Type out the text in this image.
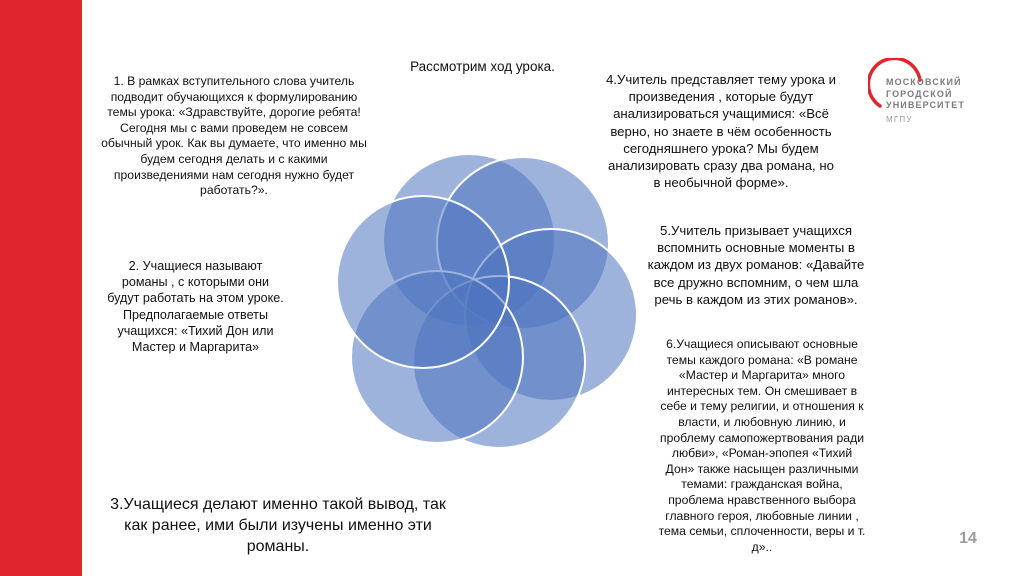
Рассмотрим ход урока.
1. В рамках вступительного слова учитель
подводит обучающихся к формулированию
темы урока: «Здравствуйте, дорогие ребята!
Сегодня мы с вами проведем не совсем
обычный урок. Как вы думаете, что именно мы
будем сегодня делать и с какими
произведениями нам сегодня нужно будет
работать?».
2. Учащиеся называют
романы , с которыми они
будут работать на этом уроке.
Предполагаемые ответы
учащихся: «Тихий Дон или
Мастер и Маргарита»
3.Учащиеся делают именно такой вывод, так
как ранее, ими были изучены именно эти
романы.
4.Учитель представляет тему урока и
произведения , которые будут
анализироваться учащимися: «Всё
верно, но знаете в чём особенность
сегодняшнего урока? Мы будем
анализировать сразу два романа, но
в необычной форме».
5.Учитель призывает учащихся
вспомнить основные моменты в
каждом из двух романов: «Давайте
все дружно вспомним, о чем шла
речь в каждом из этих романов».
6.Учащиеся описывают основные
темы каждого романа: «В романе
«Мастер и Маргарита» много
интересных тем. Он смешивает в
себе и тему религии, и отношения к
власти, и любовную линию, и
проблему самопожертвования ради
любви», «Роман-эпопея «Тихий
Дон» также насыщен различными
темами: гражданская война,
проблема нравственного выбора
главного героя, любовные линии ,
тема семьи, сплоченности, веры и т.
д»..
МОСКОВСКИЙ
ГОРОДСКОЙ
УНИВЕРСИТЕТ
МГПУ
14
